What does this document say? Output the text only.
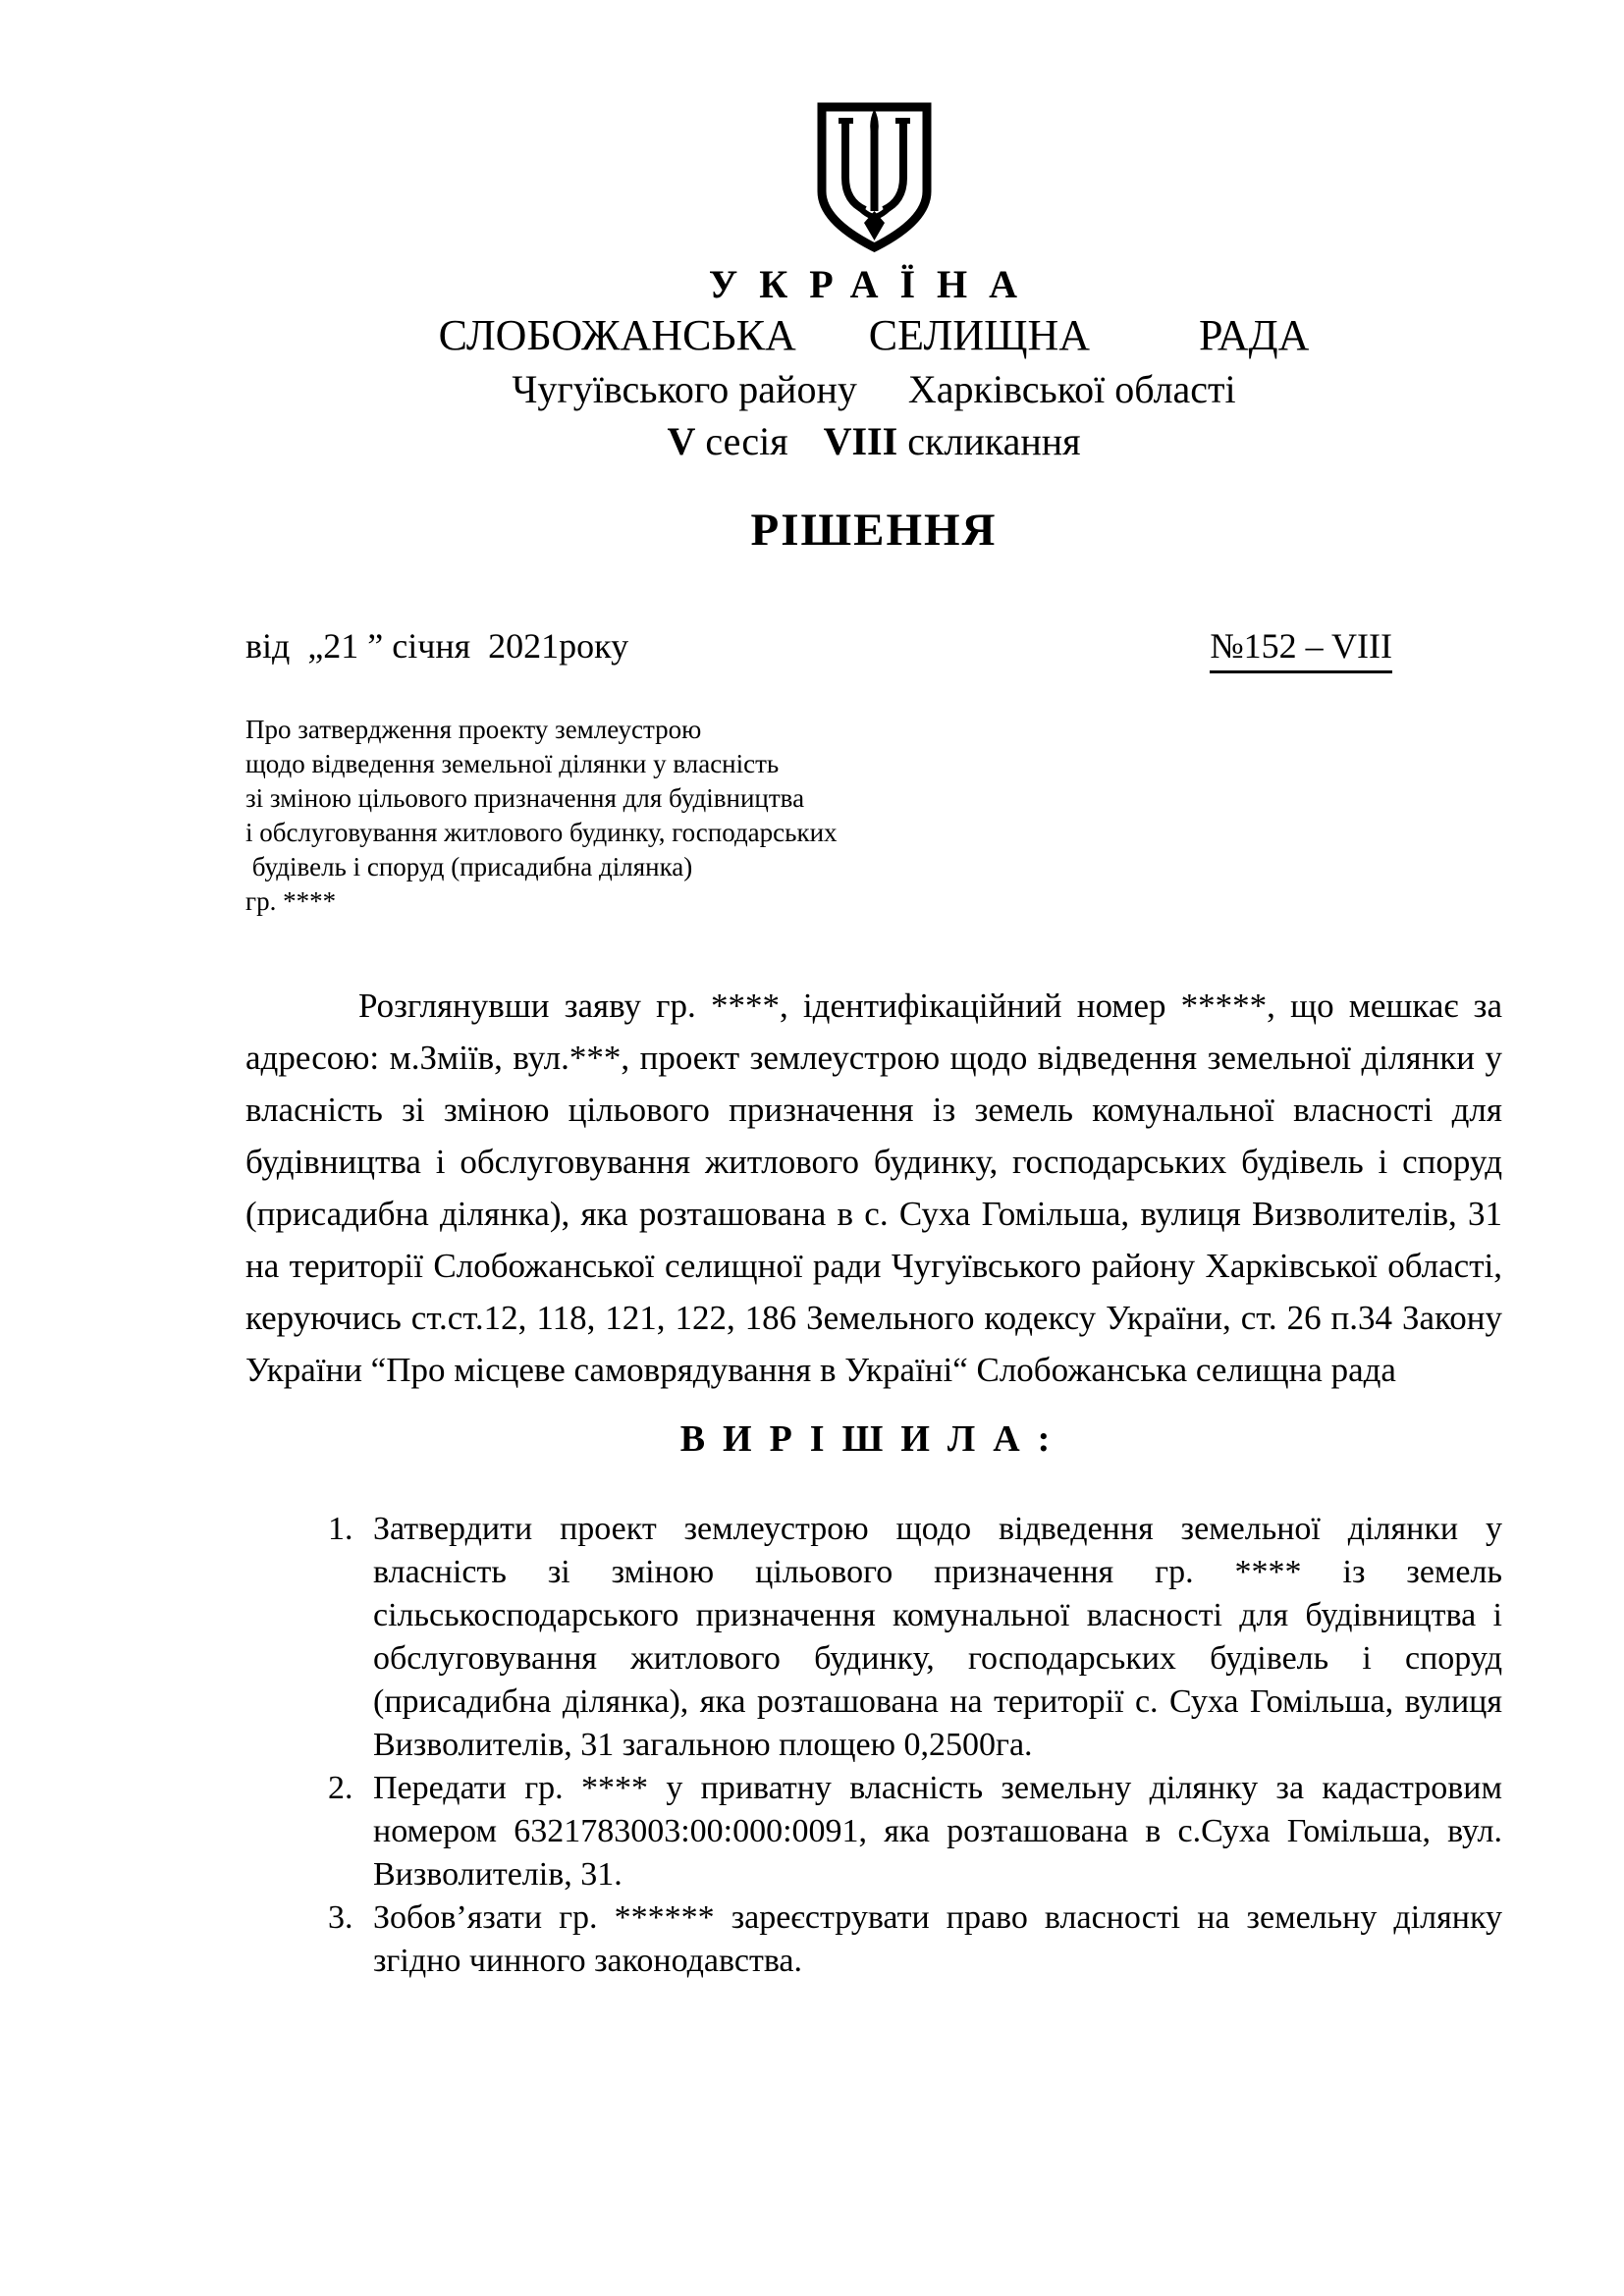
УКРАЇНА
СЛОБОЖАНСЬКА  СЕЛИЩНА   РАДА
Чугуївського району Харківської області
V сесія VIII скликання
РІШЕННЯ
від  „21 ” січня  2021року	№152 – VIII
Про затвердження проекту землеустрою
щодо відведення земельної ділянки у власність
зі зміною цільового призначення для будівництва
і обслуговування житлового будинку, господарських
будівель і споруд (присадибна ділянка)
гр. ****
Розглянувши заяву гр. ****, ідентифікаційний номер *****, що мешкає за адресою: м.Зміїв, вул.***, проект землеустрою щодо відведення земельної ділянки у власність зі зміною цільового призначення із земель комунальної власності для будівництва і обслуговування житлового будинку, господарських будівель і споруд (присадибна ділянка), яка розташована в с. Суха Гомільша, вулиця Визволителів, 31 на території Слобожанської селищної ради Чугуївського району Харківської області, керуючись ст.ст.12, 118, 121, 122, 186 Земельного кодексу України, ст. 26 п.34 Закону України “Про місцеве самоврядування в Україні“ Слобожанська селищна рада
ВИРІШИЛА:
1. Затвердити проект землеустрою щодо відведення земельної ділянки у власність зі зміною цільового призначення гр. **** із земель сільськосподарського призначення комунальної власності для будівництва і обслуговування житлового будинку, господарських будівель і споруд (присадибна ділянка), яка розташована на території с. Суха Гомільша, вулиця Визволителів, 31 загальною площею 0,2500га.
2. Передати гр. **** у приватну власність земельну ділянку за кадастровим номером 6321783003:00:000:0091, яка розташована в с.Суха Гомільша, вул. Визволителів, 31.
3. Зобов’язати гр. ****** зареєструвати право власності на земельну ділянку згідно чинного законодавства.
